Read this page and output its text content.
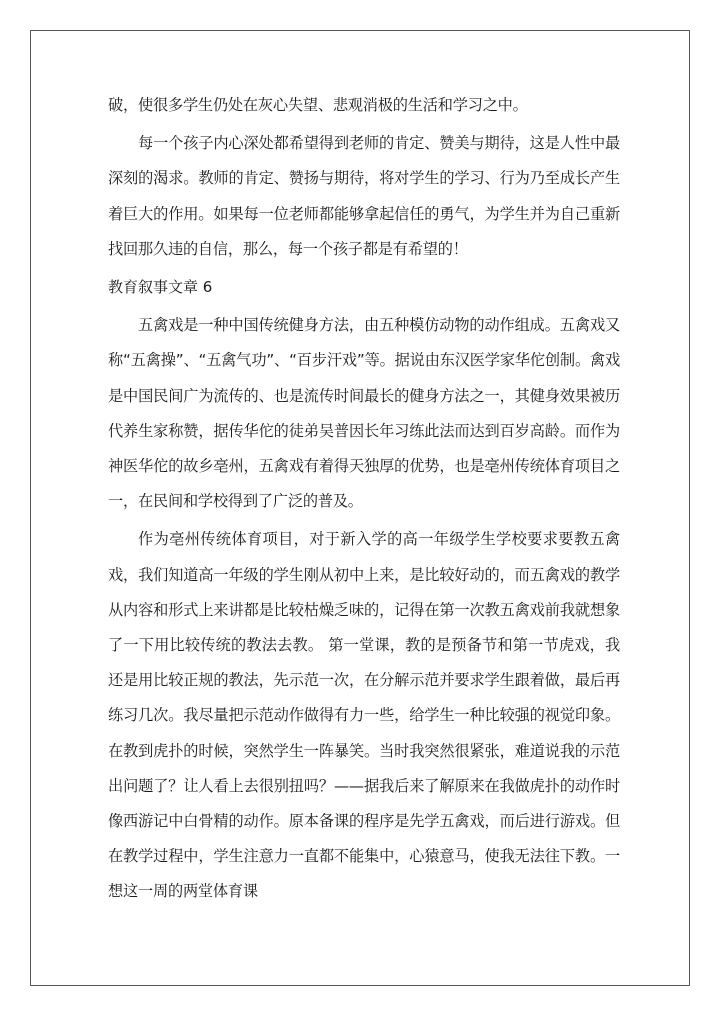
破，使很多学生仍处在灰心失望、悲观消极的生活和学习之中。

每一个孩子内心深处都希望得到老师的肯定、赞美与期待，这是人性中最深刻的渴求。教师的肯定、赞扬与期待，将对学生的学习、行为乃至成长产生着巨大的作用。如果每一位老师都能够拿起信任的勇气，为学生并为自己重新找回那久违的自信，那么，每一个孩子都是有希望的！

教育叙事文章 6

五禽戏是一种中国传统健身方法，由五种模仿动物的动作组成。五禽戏又称“五禽操”、“五禽气功”、“百步汗戏”等。据说由东汉医学家华佗创制。禽戏是中国民间广为流传的、也是流传时间最长的健身方法之一，其健身效果被历代养生家称赞，据传华佗的徒弟吴普因长年习练此法而达到百岁高龄。而作为神医华佗的故乡亳州，五禽戏有着得天独厚的优势，也是亳州传统体育项目之一，在民间和学校得到了广泛的普及。

作为亳州传统体育项目，对于新入学的高一年级学生学校要求要教五禽戏，我们知道高一年级的学生刚从初中上来，是比较好动的，而五禽戏的教学从内容和形式上来讲都是比较枯燥乏味的，记得在第一次教五禽戏前我就想象了一下用比较传统的教法去教。 第一堂课，教的是预备节和第一节虎戏，我还是用比较正规的教法，先示范一次，在分解示范并要求学生跟着做，最后再练习几次。我尽量把示范动作做得有力一些，给学生一种比较强的视觉印象。在教到虎扑的时候，突然学生一阵暴笑。当时我突然很紧张，难道说我的示范出问题了？让人看上去很别扭吗？——据我后来了解原来在我做虎扑的动作时像西游记中白骨精的动作。原本备课的程序是先学五禽戏，而后进行游戏。但在教学过程中，学生注意力一直都不能集中，心猿意马，使我无法往下教。一想这一周的两堂体育课
